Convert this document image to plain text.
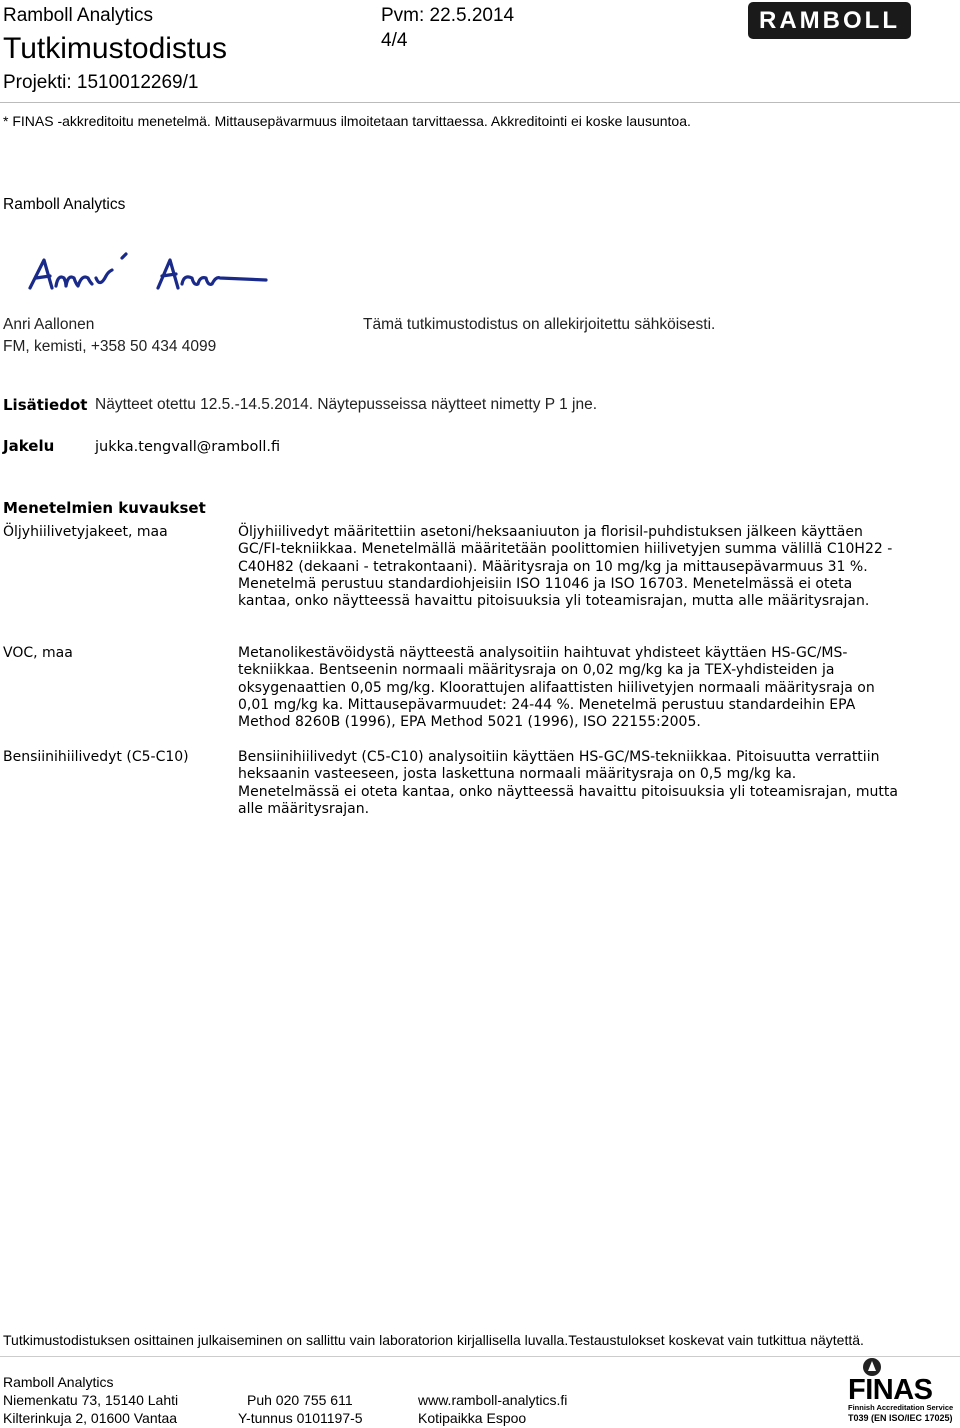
Ramboll Analytics	Pvm: 22.5.2014
Tutkimustodistus	4/4
Projekti: 1510012269/1
RAMBOLL
* FINAS -akkreditoitu menetelmä. Mittausepävarmuus ilmoitetaan tarvittaessa. Akkreditointi ei koske lausuntoa.
Ramboll Analytics
Anri Aallonen
FM, kemisti, +358 50 434 4099
Tämä tutkimustodistus on allekirjoitettu sähköisesti.
Lisätiedot Näytteet otettu 12.5.-14.5.2014. Näytepusseissa näytteet nimetty P 1 jne.
Jakelu	jukka.tengvall@ramboll.fi
Menetelmien kuvaukset
Öljyhiilivetyjakeet, maa	Öljyhiilivedyt määritettiin asetoni/heksaaniuuton ja florisil-puhdistuksen jälkeen käyttäen GC/FI-tekniikkaa. Menetelmällä määritetään poolittomien hiilivetyjen summa välillä C10H22 - C40H82 (dekaani - tetrakontaani). Määritysraja on 10 mg/kg ja mittausepävarmuus 31 %. Menetelmä perustuu standardiohjeisiin ISO 11046 ja ISO 16703. Menetelmässä ei oteta kantaa, onko näytteessä havaittu pitoisuuksia yli toteamisrajan, mutta alle määritysrajan.
VOC, maa	Metanolikestävöidystä näytteestä analysoitiin haihtuvat yhdisteet käyttäen HS-GC/MS-tekniikkaa. Bentseenin normaali määritysraja on 0,02 mg/kg ka ja TEX-yhdisteiden ja oksygenaattien 0,05 mg/kg. Kloorattujen alifaattisten hiilivetyjen normaali määritysraja on 0,01 mg/kg ka. Mittausepävarmuudet: 24-44 %. Menetelmä perustuu standardeihin EPA Method 8260B (1996), EPA Method 5021 (1996), ISO 22155:2005.
Bensiinihiilivedyt (C5-C10)	Bensiinihiilivedyt (C5-C10) analysoitiin käyttäen HS-GC/MS-tekniikkaa. Pitoisuutta verrattiin heksaanin vasteeseen, josta laskettuna normaali määritysraja on 0,5 mg/kg ka. Menetelmässä ei oteta kantaa, onko näytteessä havaittu pitoisuuksia yli toteamisrajan, mutta alle määritysrajan.
Tutkimustodistuksen osittainen julkaiseminen on sallittu vain laboratorion kirjallisella luvalla.Testaustulokset koskevat vain tutkittua näytettä.
Ramboll Analytics
Niemenkatu 73, 15140 Lahti
Kilterinkuja 2, 01600 Vantaa
Puh 020 755 611
Y-tunnus 0101197-5
www.ramboll-analytics.fi
Kotipaikka Espoo
FINAS
Finnish Accreditation Service
T039 (EN ISO/IEC 17025)
